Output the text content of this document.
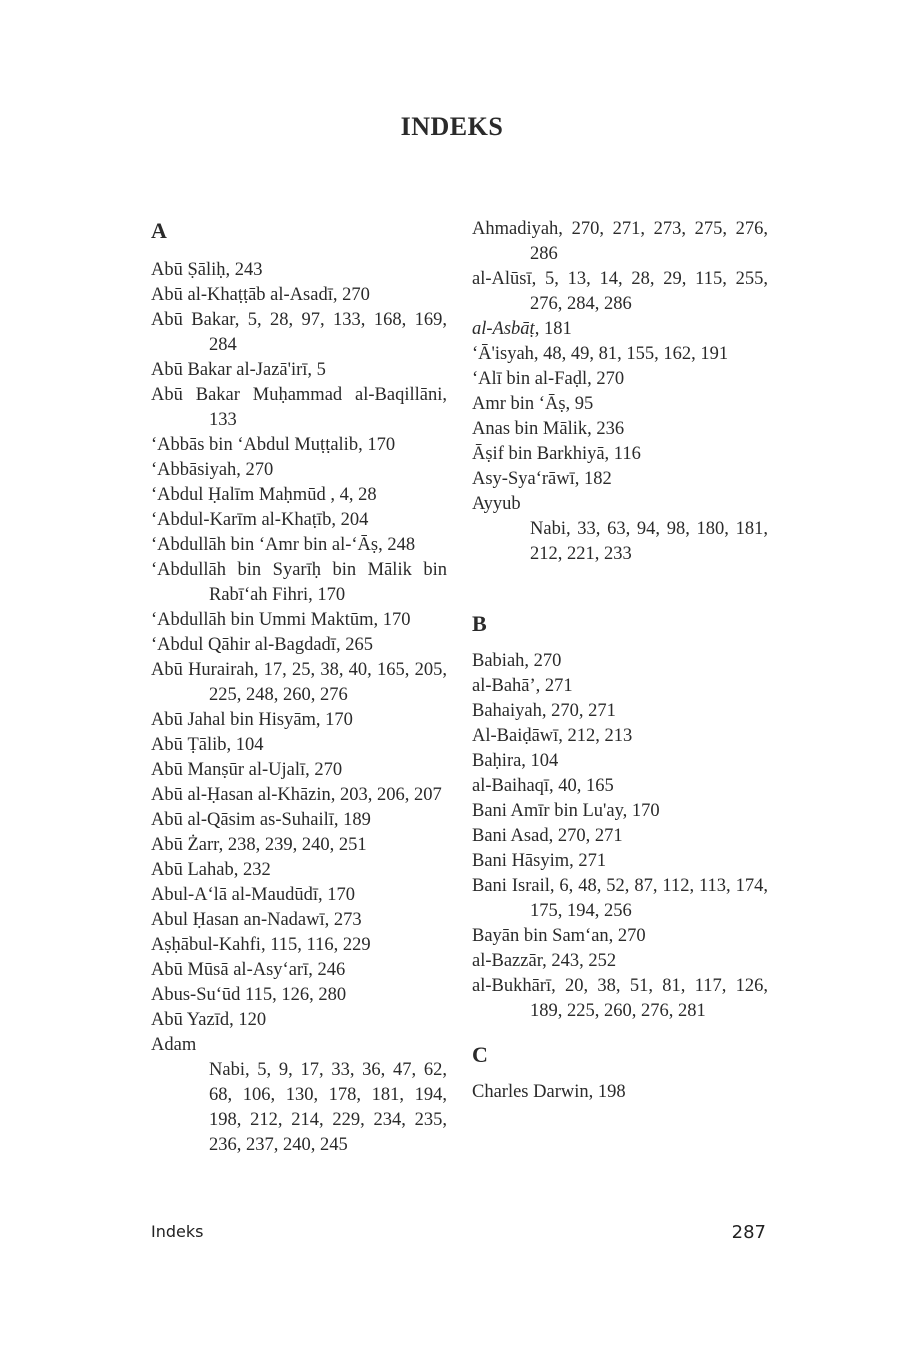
INDEKS
A
Abū Ṣāliḥ, 243
Abū al-Khaṭṭāb al-Asadī, 270
Abū Bakar, 5, 28, 97, 133, 168, 169, 284
Abū Bakar al-Jazā'irī, 5
Abū Bakar Muḥammad al-Baqillāni, 133
‘Abbās bin ‘Abdul Muṭṭalib, 170
‘Abbāsiyah, 270
‘Abdul Ḥalīm Maḥmūd , 4, 28
‘Abdul-Karīm al-Khaṭīb, 204
‘Abdullāh bin ‘Amr bin al-‘Āṣ, 248
‘Abdullāh bin Syarīḥ bin Mālik bin Rabī‘ah Fihri, 170
‘Abdullāh bin Ummi Maktūm, 170
‘Abdul Qāhir al-Bagdadī, 265
Abū Hurairah, 17, 25, 38, 40, 165, 205, 225, 248, 260, 276
Abū Jahal bin Hisyām, 170
Abū Ṭālib, 104
Abū Manṣūr al-Ujalī, 270
Abū al-Ḥasan al-Khāzin, 203, 206, 207
Abū al-Qāsim as-Suhailī, 189
Abū Żarr, 238, 239, 240, 251
Abū Lahab, 232
Abul-A‘lā al-Maudūdī, 170
Abul Ḥasan an-Nadawī, 273
Aṣḥābul-Kahfi, 115, 116, 229
Abū Mūsā al-Asy‘arī, 246
Abus-Su‘ūd 115, 126, 280
Abū Yazīd, 120
Adam
Nabi, 5, 9, 17, 33, 36, 47, 62, 68, 106, 130, 178, 181, 194, 198, 212, 214, 229, 234, 235, 236, 237, 240, 245
Ahmadiyah, 270, 271, 273, 275, 276, 286
al-Alūsī, 5, 13, 14, 28, 29, 115, 255, 276, 284, 286
al-Asbāṭ, 181
‘Ā'isyah, 48, 49, 81, 155, 162, 191
‘Alī bin al-Faḍl, 270
Amr bin ‘Āṣ, 95
Anas bin Mālik, 236
Āṣif bin Barkhiyā, 116
Asy-Sya‘rāwī, 182
Ayyub
Nabi, 33, 63, 94, 98, 180, 181, 212, 221, 233
B
Babiah, 270
al-Bahā’, 271
Bahaiyah, 270, 271
Al-Baiḍāwī, 212, 213
Baḥira, 104
al-Baihaqī, 40, 165
Bani Amīr bin Lu'ay, 170
Bani Asad, 270, 271
Bani Hāsyim, 271
Bani Israil, 6, 48, 52, 87, 112, 113, 174, 175, 194, 256
Bayān bin Sam‘an, 270
al-Bazzār, 243, 252
al-Bukhārī, 20, 38, 51, 81, 117, 126, 189, 225, 260, 276, 281
C
Charles Darwin, 198
Indeks	287
